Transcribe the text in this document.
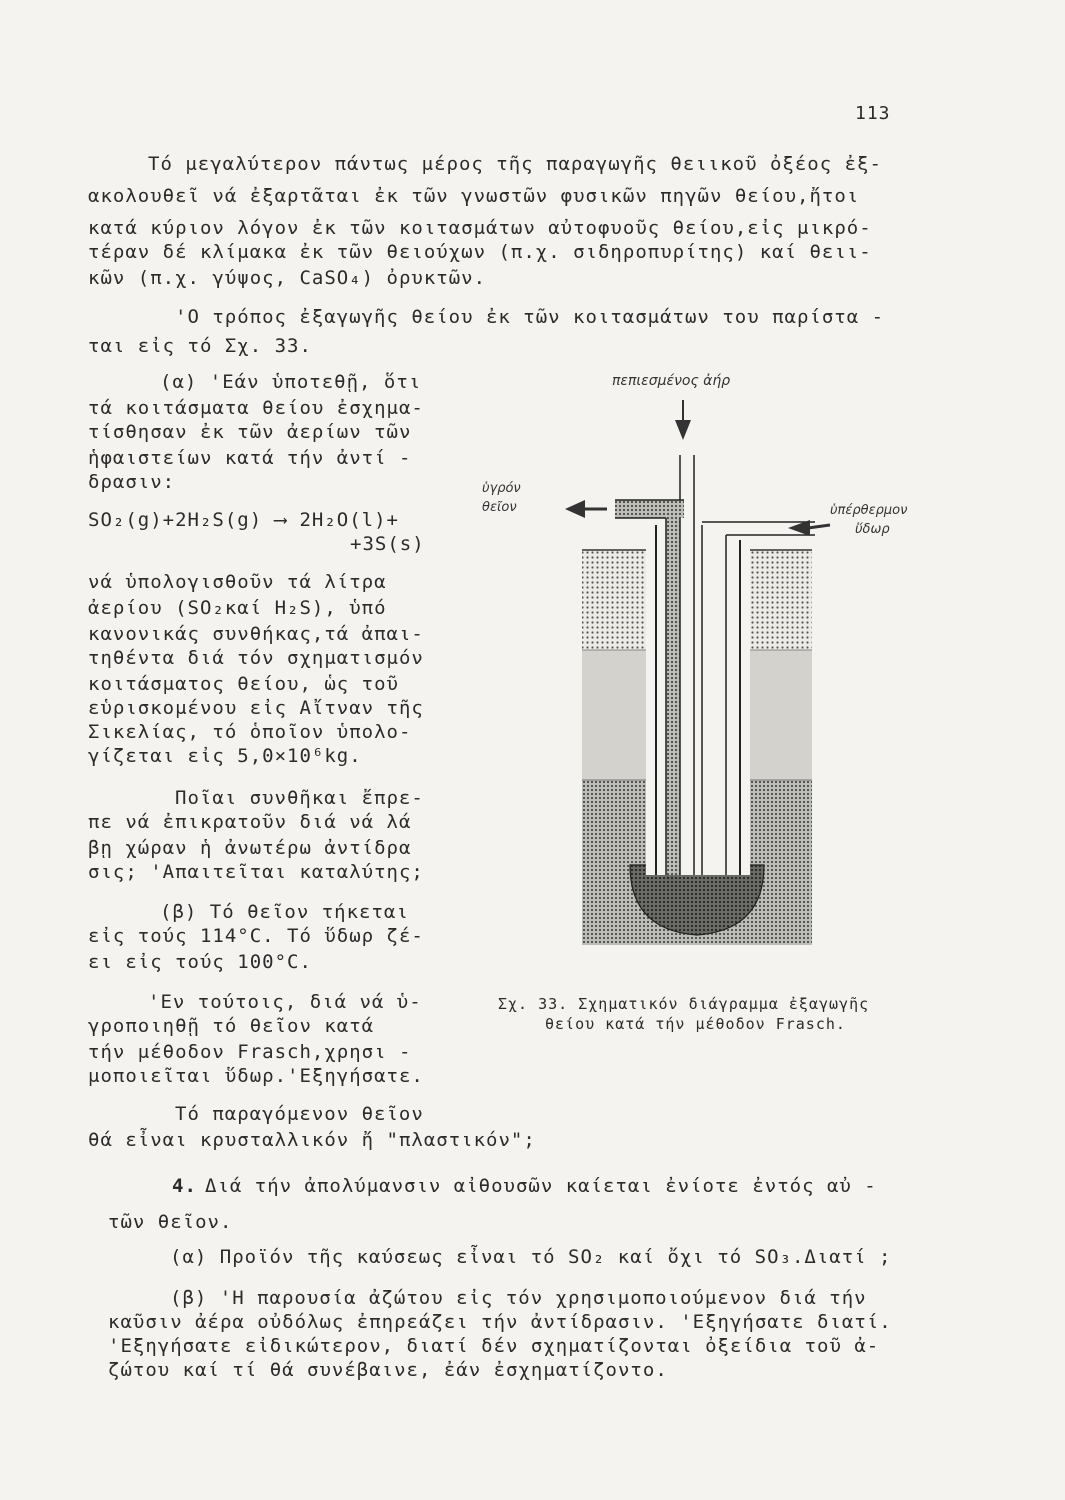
113
Τό μεγαλύτερον πάντως μέρος τῆς παραγωγῆς θειικοῦ ὀξέος ἐξ-
ακολουθεῖ νά ἐξαρτᾶται ἐκ τῶν γνωστῶν φυσικῶν πηγῶν θείου,ἤτοι
κατά κύριον λόγον ἐκ τῶν κοιτασμάτων αὐτοφυοῦς θείου,εἰς μικρό-
τέραν δέ κλίμακα ἐκ τῶν θειούχων (π.χ. σιδηροπυρίτης) καί θειι-
κῶν (π.χ. γύψος, CaSO₄) ὀρυκτῶν.
'Ο τρόπος ἐξαγωγῆς θείου ἐκ τῶν κοιτασμάτων του παρίστα -
ται εἰς τό Σχ. 33.
(α) 'Εάν ὑποτεθῇ, ὅτι
τά κοιτάσματα θείου ἐσχημα-
τίσθησαν ἐκ τῶν ἀερίων τῶν
ἡφαιστείων κατά τήν ἀντί -
δρασιν:
SO₂(g)+2H₂S(g) ⟶ 2H₂O(l)+
+3S(s)
νά ὑπολογισθοῦν τά λίτρα
ἀερίου (SO₂καί H₂S), ὑπό
κανονικάς συνθήκας,τά ἀπαι-
τηθέντα διά τόν σχηματισμόν
κοιτάσματος θείου, ὡς τοῦ
εὑρισκομένου εἰς Αἴτναν τῆς
Σικελίας, τό ὁποῖον ὑπολο-
γίζεται εἰς 5,0×10⁶kg.
Ποῖαι συνθῆκαι ἔπρε-
πε νά ἐπικρατοῦν διά νά λά
βῃ χώραν ἡ ἀνωτέρω ἀντίδρα
σις; 'Απαιτεῖται καταλύτης;
(β) Τό θεῖον τήκεται
εἰς τούς 114°C. Τό ὕδωρ ζέ-
ει εἰς τούς 100°C.
'Εν τούτοις, διά νά ὑ-
γροποιηθῇ τό θεῖον κατά
τήν μέθοδον Frasch,χρησι -
μοποιεῖται ὕδωρ.'Εξηγήσατε.
Τό παραγόμενον θεῖον
θά εἶναι κρυσταλλικόν ἤ "πλαστικόν";
πεπιεσμένος ἀήρ
ὑγρόν
θεῖον	ὑπέρθερμον
ὕδωρ
Σχ. 33. Σχηματικόν διάγραμμα ἐξαγωγῆς
θείου κατά τήν μέθοδον Frasch.
4. Διά τήν ἀπολύμανσιν αἰθουσῶν καίεται ἐνίοτε ἐντός αὐ -
τῶν θεῖον.
(α) Προϊόν τῆς καύσεως εἶναι τό SO₂ καί ὄχι τό SO₃.Διατί ;
(β) 'Η παρουσία ἀζώτου εἰς τόν χρησιμοποιούμενον διά τήν
καῦσιν ἀέρα οὐδόλως ἐπηρεάζει τήν ἀντίδρασιν. 'Εξηγήσατε διατί.
'Εξηγήσατε εἰδικώτερον, διατί δέν σχηματίζονται ὀξείδια τοῦ ἀ-
ζώτου καί τί θά συνέβαινε, ἐάν ἐσχηματίζοντο.
